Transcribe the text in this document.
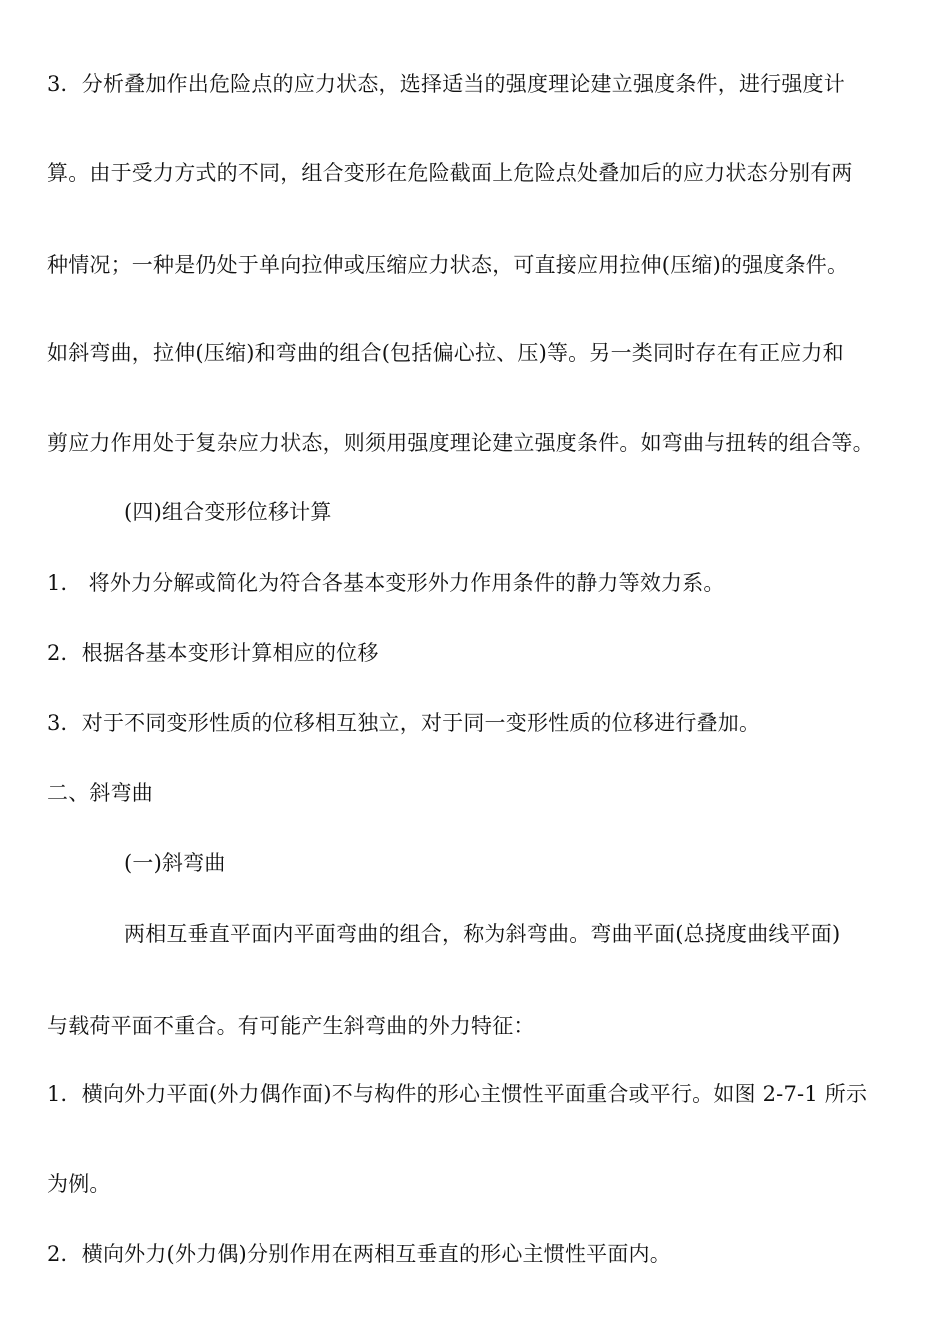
3．分析叠加作出危险点的应力状态，选择适当的强度理论建立强度条件，进行强度计
算。由于受力方式的不同，组合变形在危险截面上危险点处叠加后的应力状态分别有两
种情况；一种是仍处于单向拉伸或压缩应力状态，可直接应用拉伸(压缩)的强度条件。
如斜弯曲，拉伸(压缩)和弯曲的组合(包括偏心拉、压)等。另一类同时存在有正应力和
剪应力作用处于复杂应力状态，则须用强度理论建立强度条件。如弯曲与扭转的组合等。
(四)组合变形位移计算
1． 将外力分解或简化为符合各基本变形外力作用条件的静力等效力系。
2．根据各基本变形计算相应的位移
3．对于不同变形性质的位移相互独立，对于同一变形性质的位移进行叠加。
二、斜弯曲
(一)斜弯曲
两相互垂直平面内平面弯曲的组合，称为斜弯曲。弯曲平面(总挠度曲线平面)
与载荷平面不重合。有可能产生斜弯曲的外力特征：
1．横向外力平面(外力偶作面)不与构件的形心主惯性平面重合或平行。如图 2-7-1 所示
为例。
2．横向外力(外力偶)分别作用在两相互垂直的形心主惯性平面内。
